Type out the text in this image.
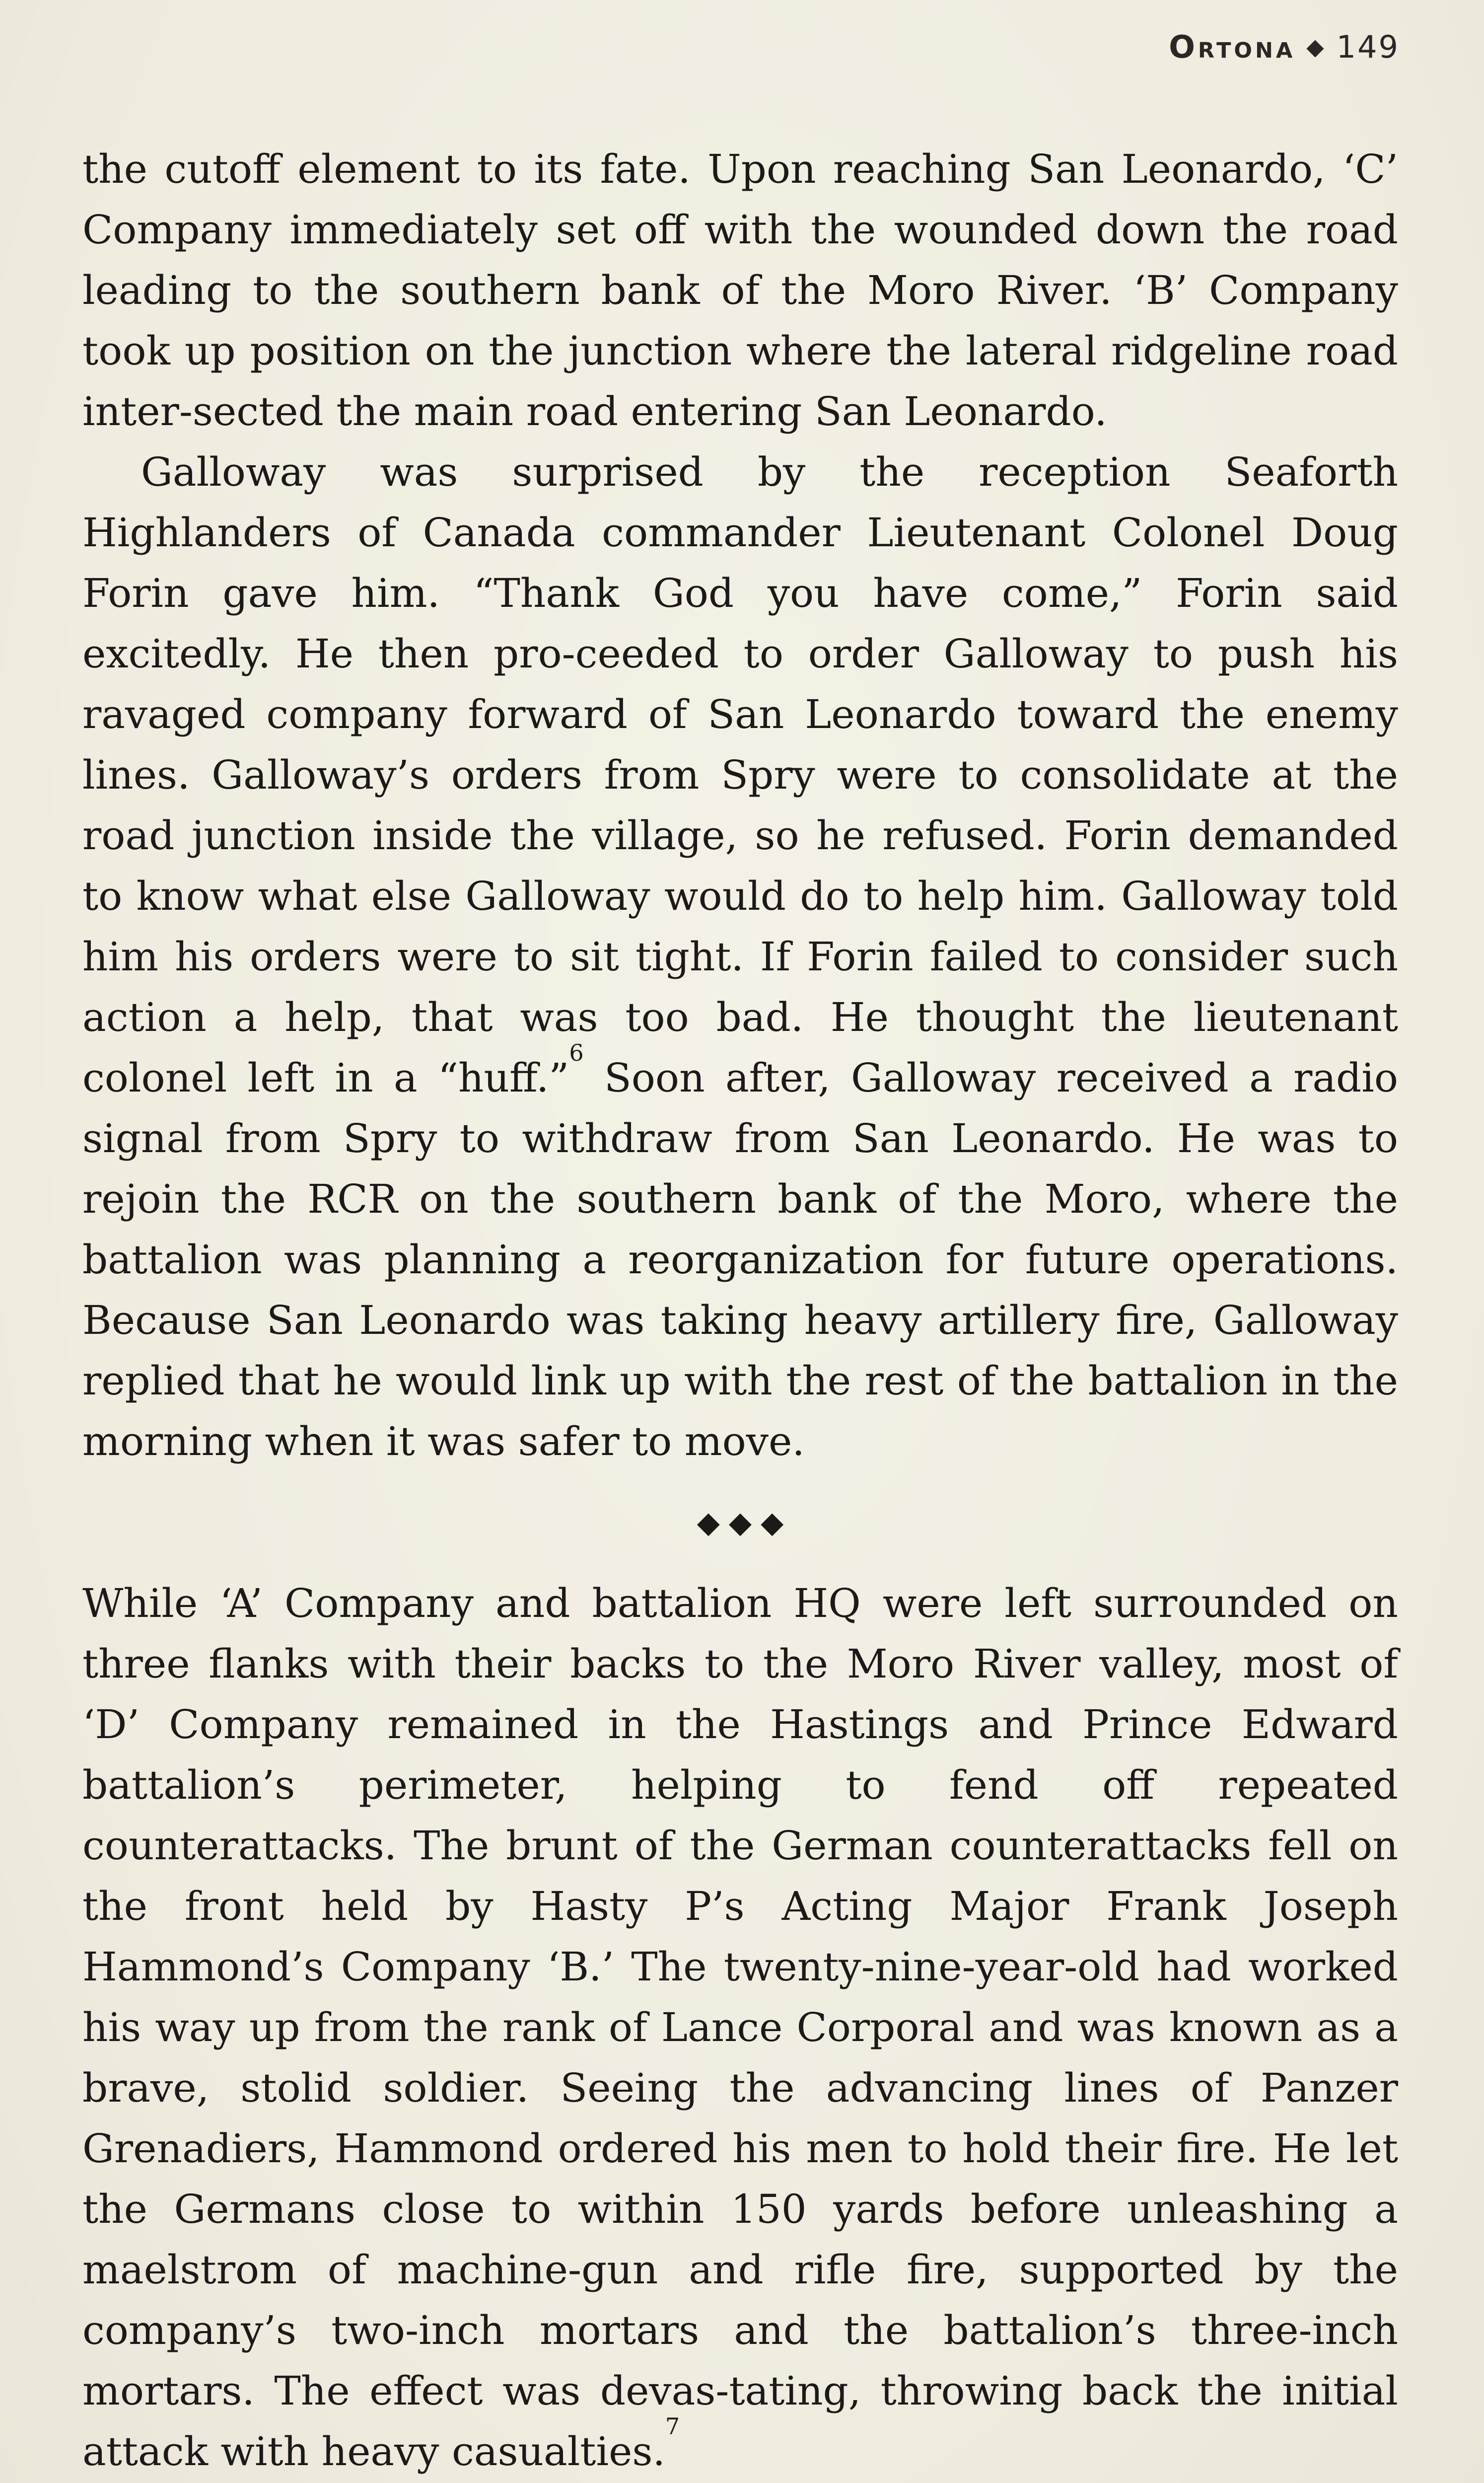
Ortona ◆ 149

the cutoff element to its fate. Upon reaching San Leonardo, ‘C’ Company immediately set off with the wounded down the road leading to the southern bank of the Moro River. ‘B’ Company took up position on the junction where the lateral ridgeline road inter-sected the main road entering San Leonardo.

Galloway was surprised by the reception Seaforth Highlanders of Canada commander Lieutenant Colonel Doug Forin gave him. “Thank God you have come,” Forin said excitedly. He then pro-ceeded to order Galloway to push his ravaged company forward of San Leonardo toward the enemy lines. Galloway’s orders from Spry were to consolidate at the road junction inside the village, so he refused. Forin demanded to know what else Galloway would do to help him. Galloway told him his orders were to sit tight. If Forin failed to consider such action a help, that was too bad. He thought the lieutenant colonel left in a “huff.”$^6$ Soon after, Galloway received a radio signal from Spry to withdraw from San Leonardo. He was to rejoin the RCR on the southern bank of the Moro, where the battalion was planning a reorganization for future operations. Because San Leonardo was taking heavy artillery fire, Galloway replied that he would link up with the rest of the battalion in the morning when it was safer to move.

◆◆◆

While ‘A’ Company and battalion HQ were left surrounded on three flanks with their backs to the Moro River valley, most of ‘D’ Company remained in the Hastings and Prince Edward battalion’s perimeter, helping to fend off repeated counterattacks. The brunt of the German counterattacks fell on the front held by Hasty P’s Acting Major Frank Joseph Hammond’s Company ‘B.’ The twenty-nine-year-old had worked his way up from the rank of Lance Corporal and was known as a brave, stolid soldier. Seeing the advancing lines of Panzer Grenadiers, Hammond ordered his men to hold their fire. He let the Germans close to within 150 yards before unleashing a maelstrom of machine-gun and rifle fire, supported by the company’s two-inch mortars and the battalion’s three-inch mortars. The effect was devas-tating, throwing back the initial attack with heavy casualties.$^7$
